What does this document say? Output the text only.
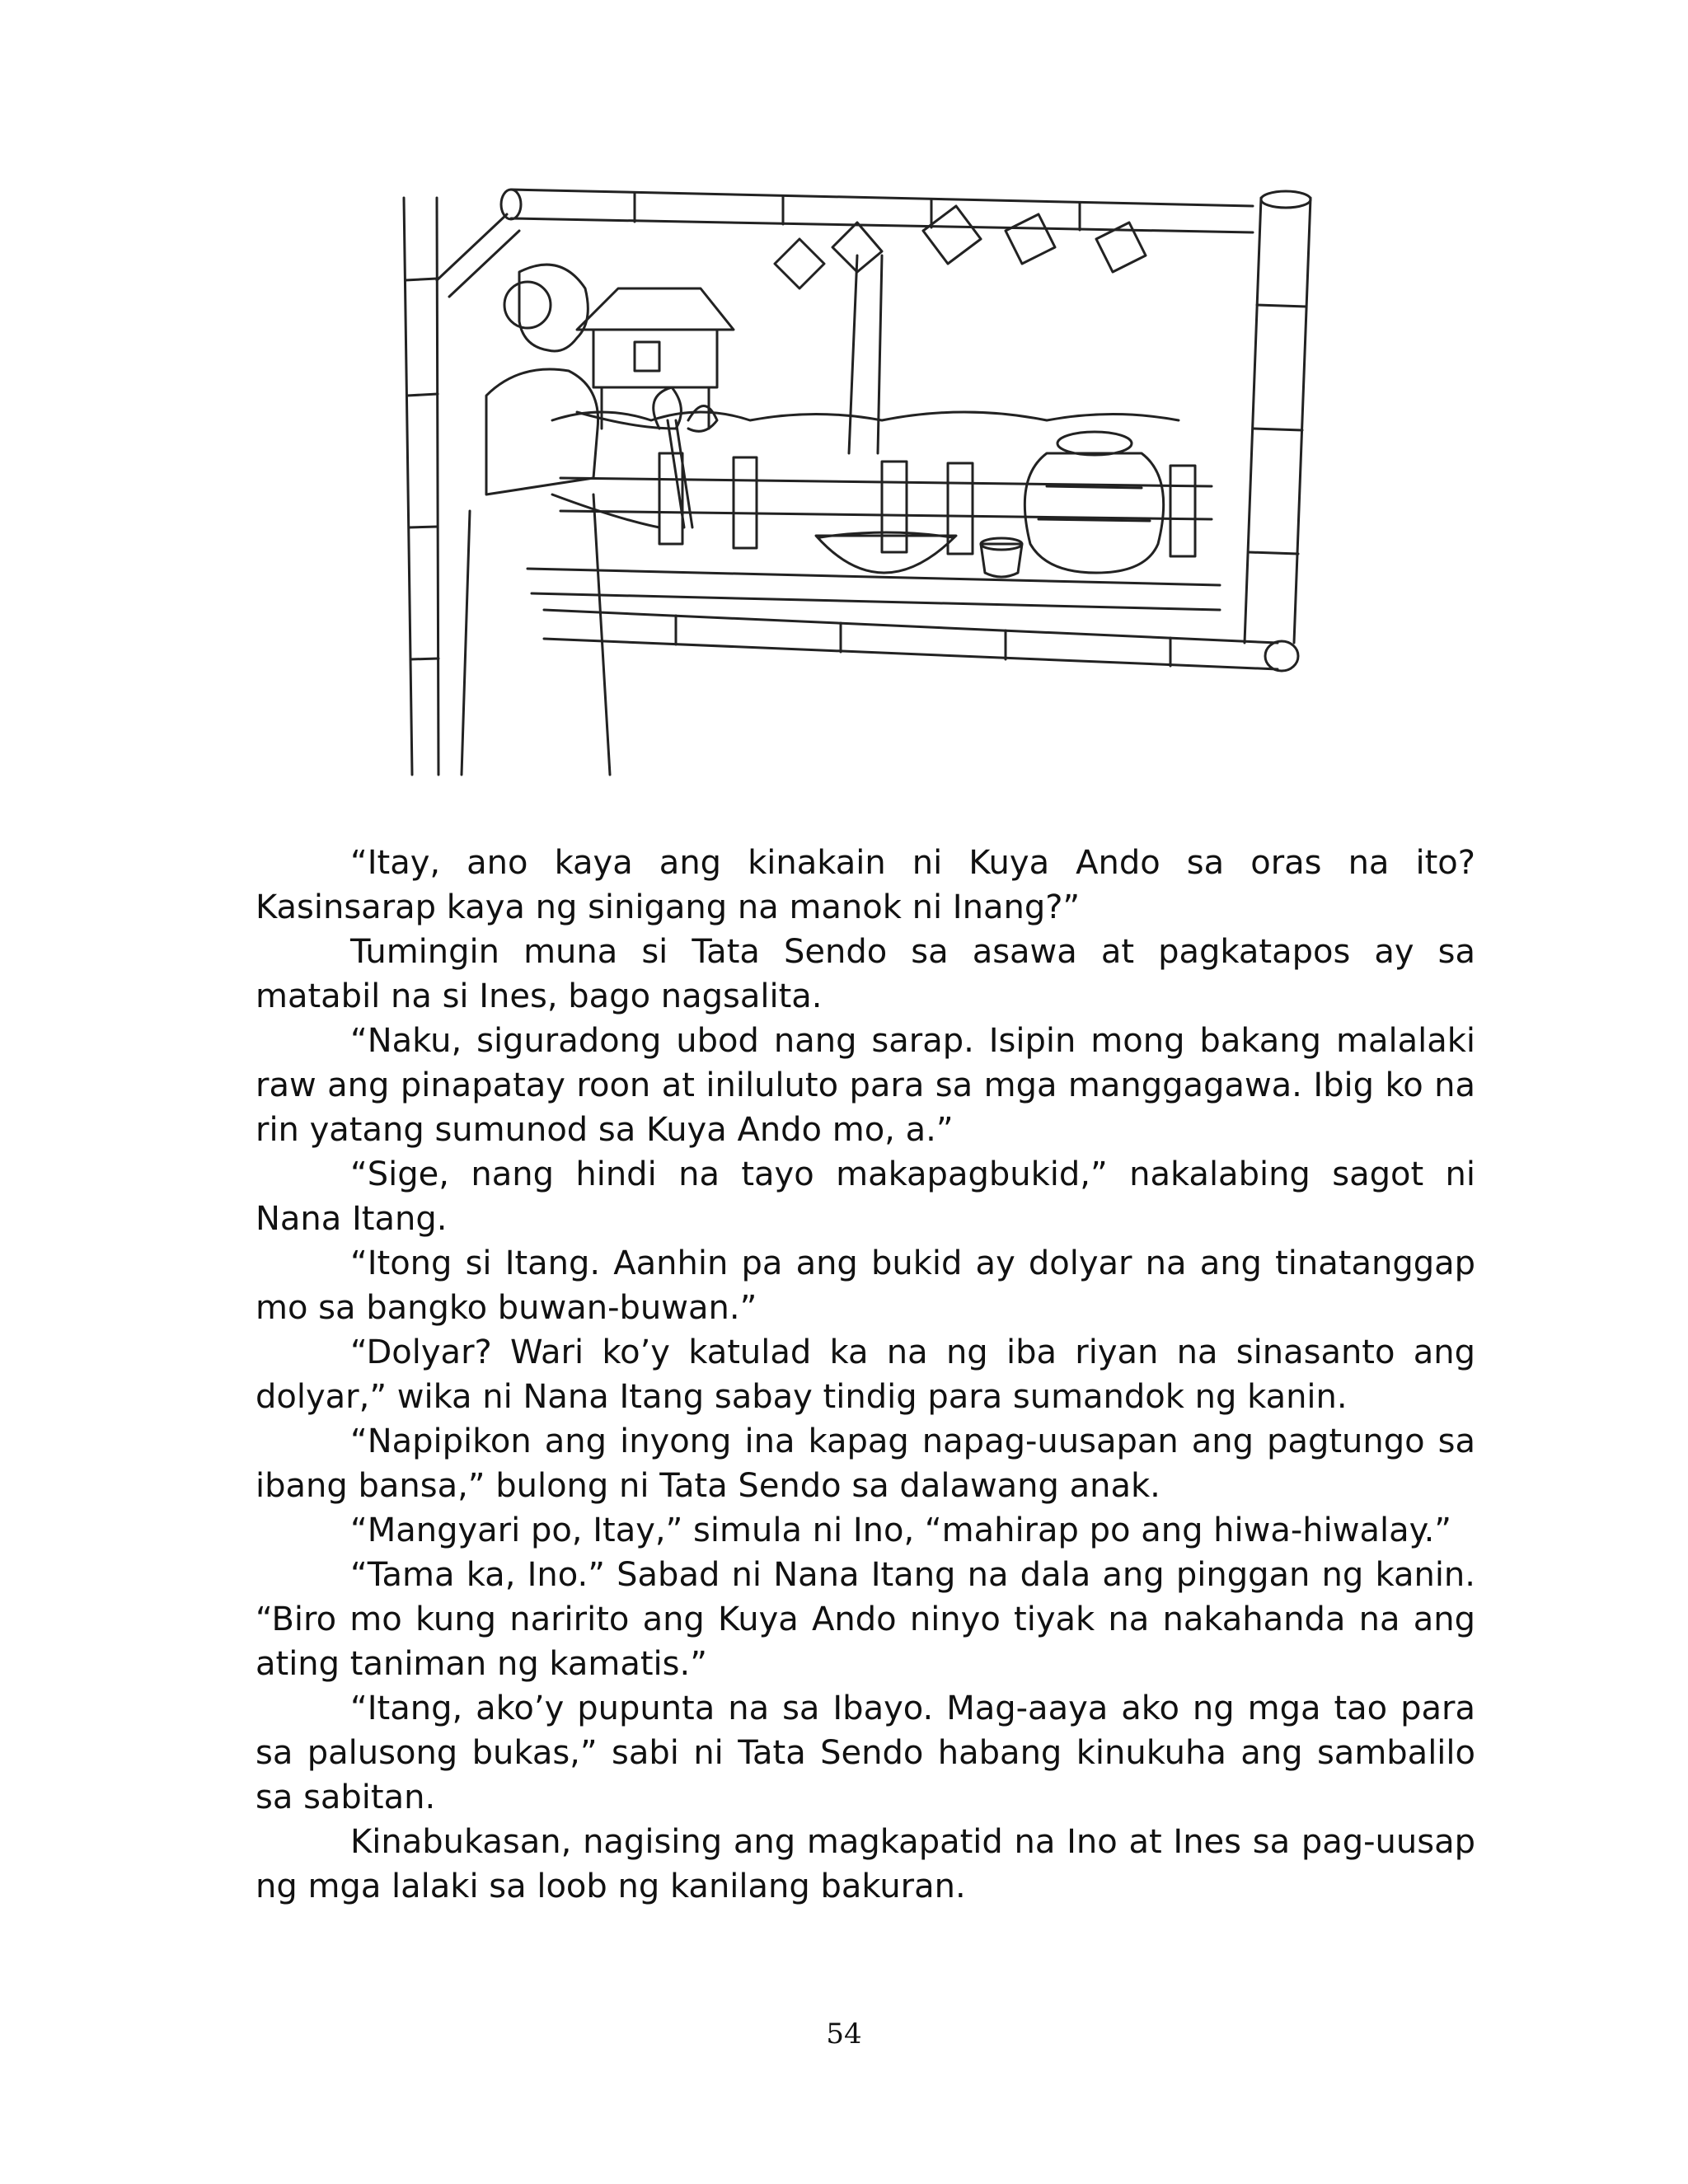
“Itay, ano kaya ang kinakain ni Kuya Ando sa oras na ito? Kasinsarap kaya ng sinigang na manok ni Inang?”

Tumingin muna si Tata Sendo sa asawa at pagkatapos ay sa matabil na si Ines, bago nagsalita.

“Naku, siguradong ubod nang sarap. Isipin mong bakang malalaki raw ang pinapatay roon at iniluluto para sa mga manggagawa. Ibig ko na rin yatang sumunod sa Kuya Ando mo, a.”

“Sige, nang hindi na tayo makapagbukid,” nakalabing sagot ni Nana Itang.

“Itong si Itang. Aanhin pa ang bukid ay dolyar na ang tinatanggap mo sa bangko buwan-buwan.”

“Dolyar? Wari ko’y katulad ka na ng iba riyan na sinasanto ang dolyar,” wika ni Nana Itang sabay tindig para sumandok ng kanin.

“Napipikon ang inyong ina kapag napag-uusapan ang pagtungo sa ibang bansa,” bulong ni Tata Sendo sa dalawang anak.

“Mangyari po, Itay,” simula ni Ino, “mahirap po ang hiwa-hiwalay.”

“Tama ka, Ino.” Sabad ni Nana Itang na dala ang pinggan ng kanin. “Biro mo kung naririto ang Kuya Ando ninyo tiyak na nakahanda na ang ating taniman ng kamatis.”

“Itang, ako’y pupunta na sa Ibayo. Mag-aaya ako ng mga tao para sa palusong bukas,” sabi ni Tata Sendo habang kinukuha ang sambalilo sa sabitan.

Kinabukasan, nagising ang magkapatid na Ino at Ines sa pag-uusap ng mga lalaki sa loob ng kanilang bakuran.

54
